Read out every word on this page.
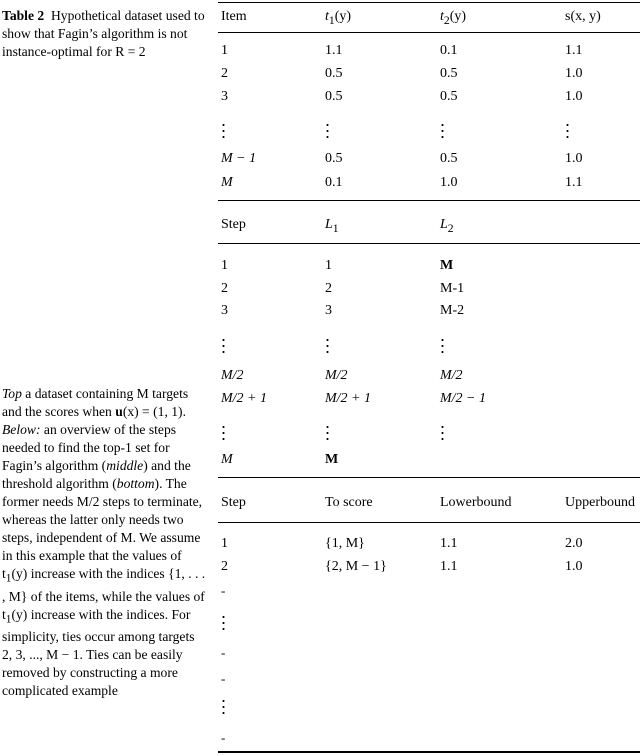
Table 2 Hypothetical dataset used to show that Fagin’s algorithm is not instance-optimal for R = 2
Top a dataset containing M targets and the scores when u(x) = (1, 1). Below: an overview of the steps needed to find the top-1 set for Fagin’s algorithm (middle) and the threshold algorithm (bottom). The former needs M/2 steps to terminate, whereas the latter only needs two steps, independent of M. We assume in this example that the values of $t_1(y)$ increase with the indices {1, . . . , M} of the items, while the values of $t_1(y)$ increase with the indices. For simplicity, ties occur among targets 2, 3, ..., M − 1. Ties can be easily removed by constructing a more complicated example
Item	$t_1(y)$	$t_2(y)$	s(x, y)
1	1.1	0.1	1.1
2	0.5	0.5	1.0
3	0.5	0.5	1.0
M − 1	0.5	0.5	1.0
M	0.1	1.0	1.1
Step	$L_1$	$L_2$
1	1	M
2	2	M-1
3	3	M-2
M/2	M/2	M/2
M/2 + 1	M/2 + 1	M/2 − 1
M	M
Step	To score	Lowerbound	Upperbound
1	{1, M}	1.1	2.0
2	{2, M − 1}	1.1	1.0
-
-
-
-
